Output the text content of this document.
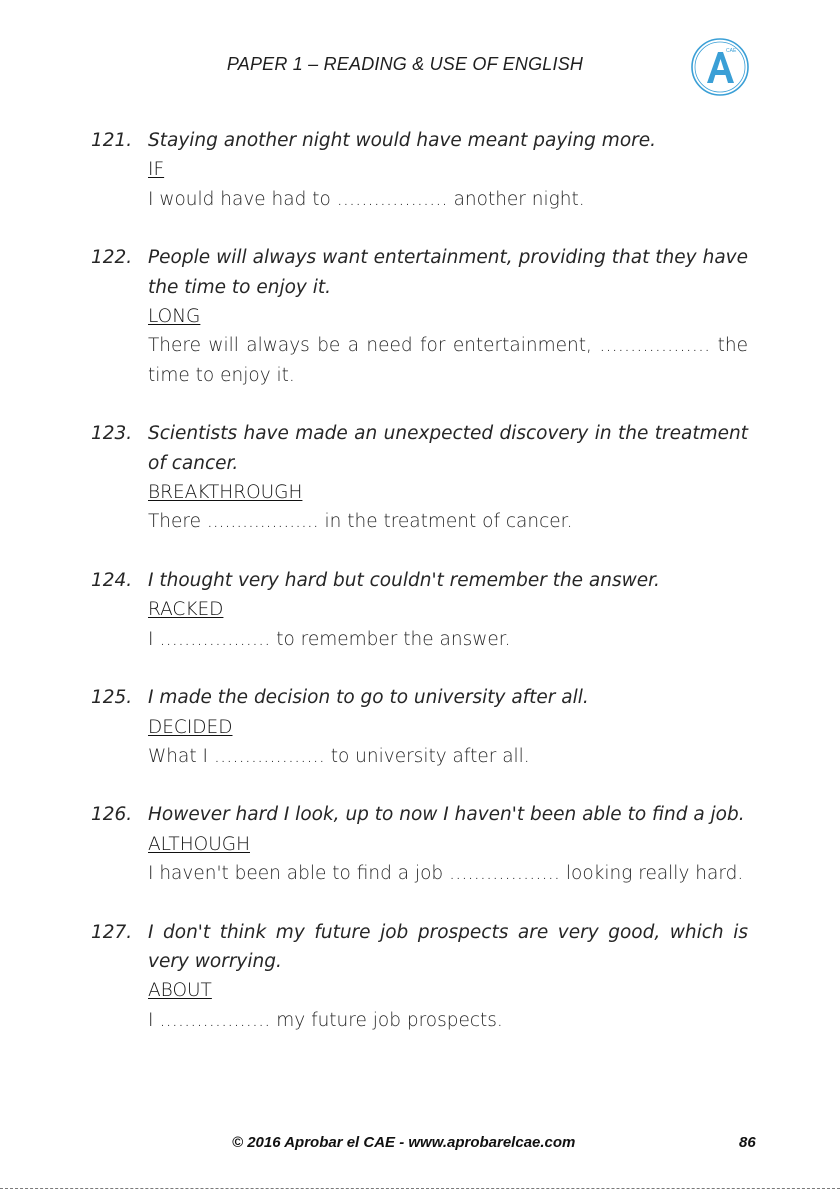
PAPER 1 – READING & USE OF ENGLISH
CAE
121. Staying another night would have meant paying more.
IF
I would have had to ……………… another night.
122. People will always want entertainment, providing that they have the time to enjoy it.
LONG
There will always be a need for entertainment, ……………… the time to enjoy it.
123. Scientists have made an unexpected discovery in the treatment of cancer.
BREAKTHROUGH
There ................... in the treatment of cancer.
124. I thought very hard but couldn't remember the answer.
RACKED
I ……………… to remember the answer.
125. I made the decision to go to university after all.
DECIDED
What I ……………… to university after all.
126. However hard I look, up to now I haven't been able to find a job.
ALTHOUGH
I haven't been able to find a job ……………… looking really hard.
127. I don't think my future job prospects are very good, which is very worrying.
ABOUT
I ……………… my future job prospects.
© 2016 Aprobar el CAE - www.aprobarelcae.com	86
